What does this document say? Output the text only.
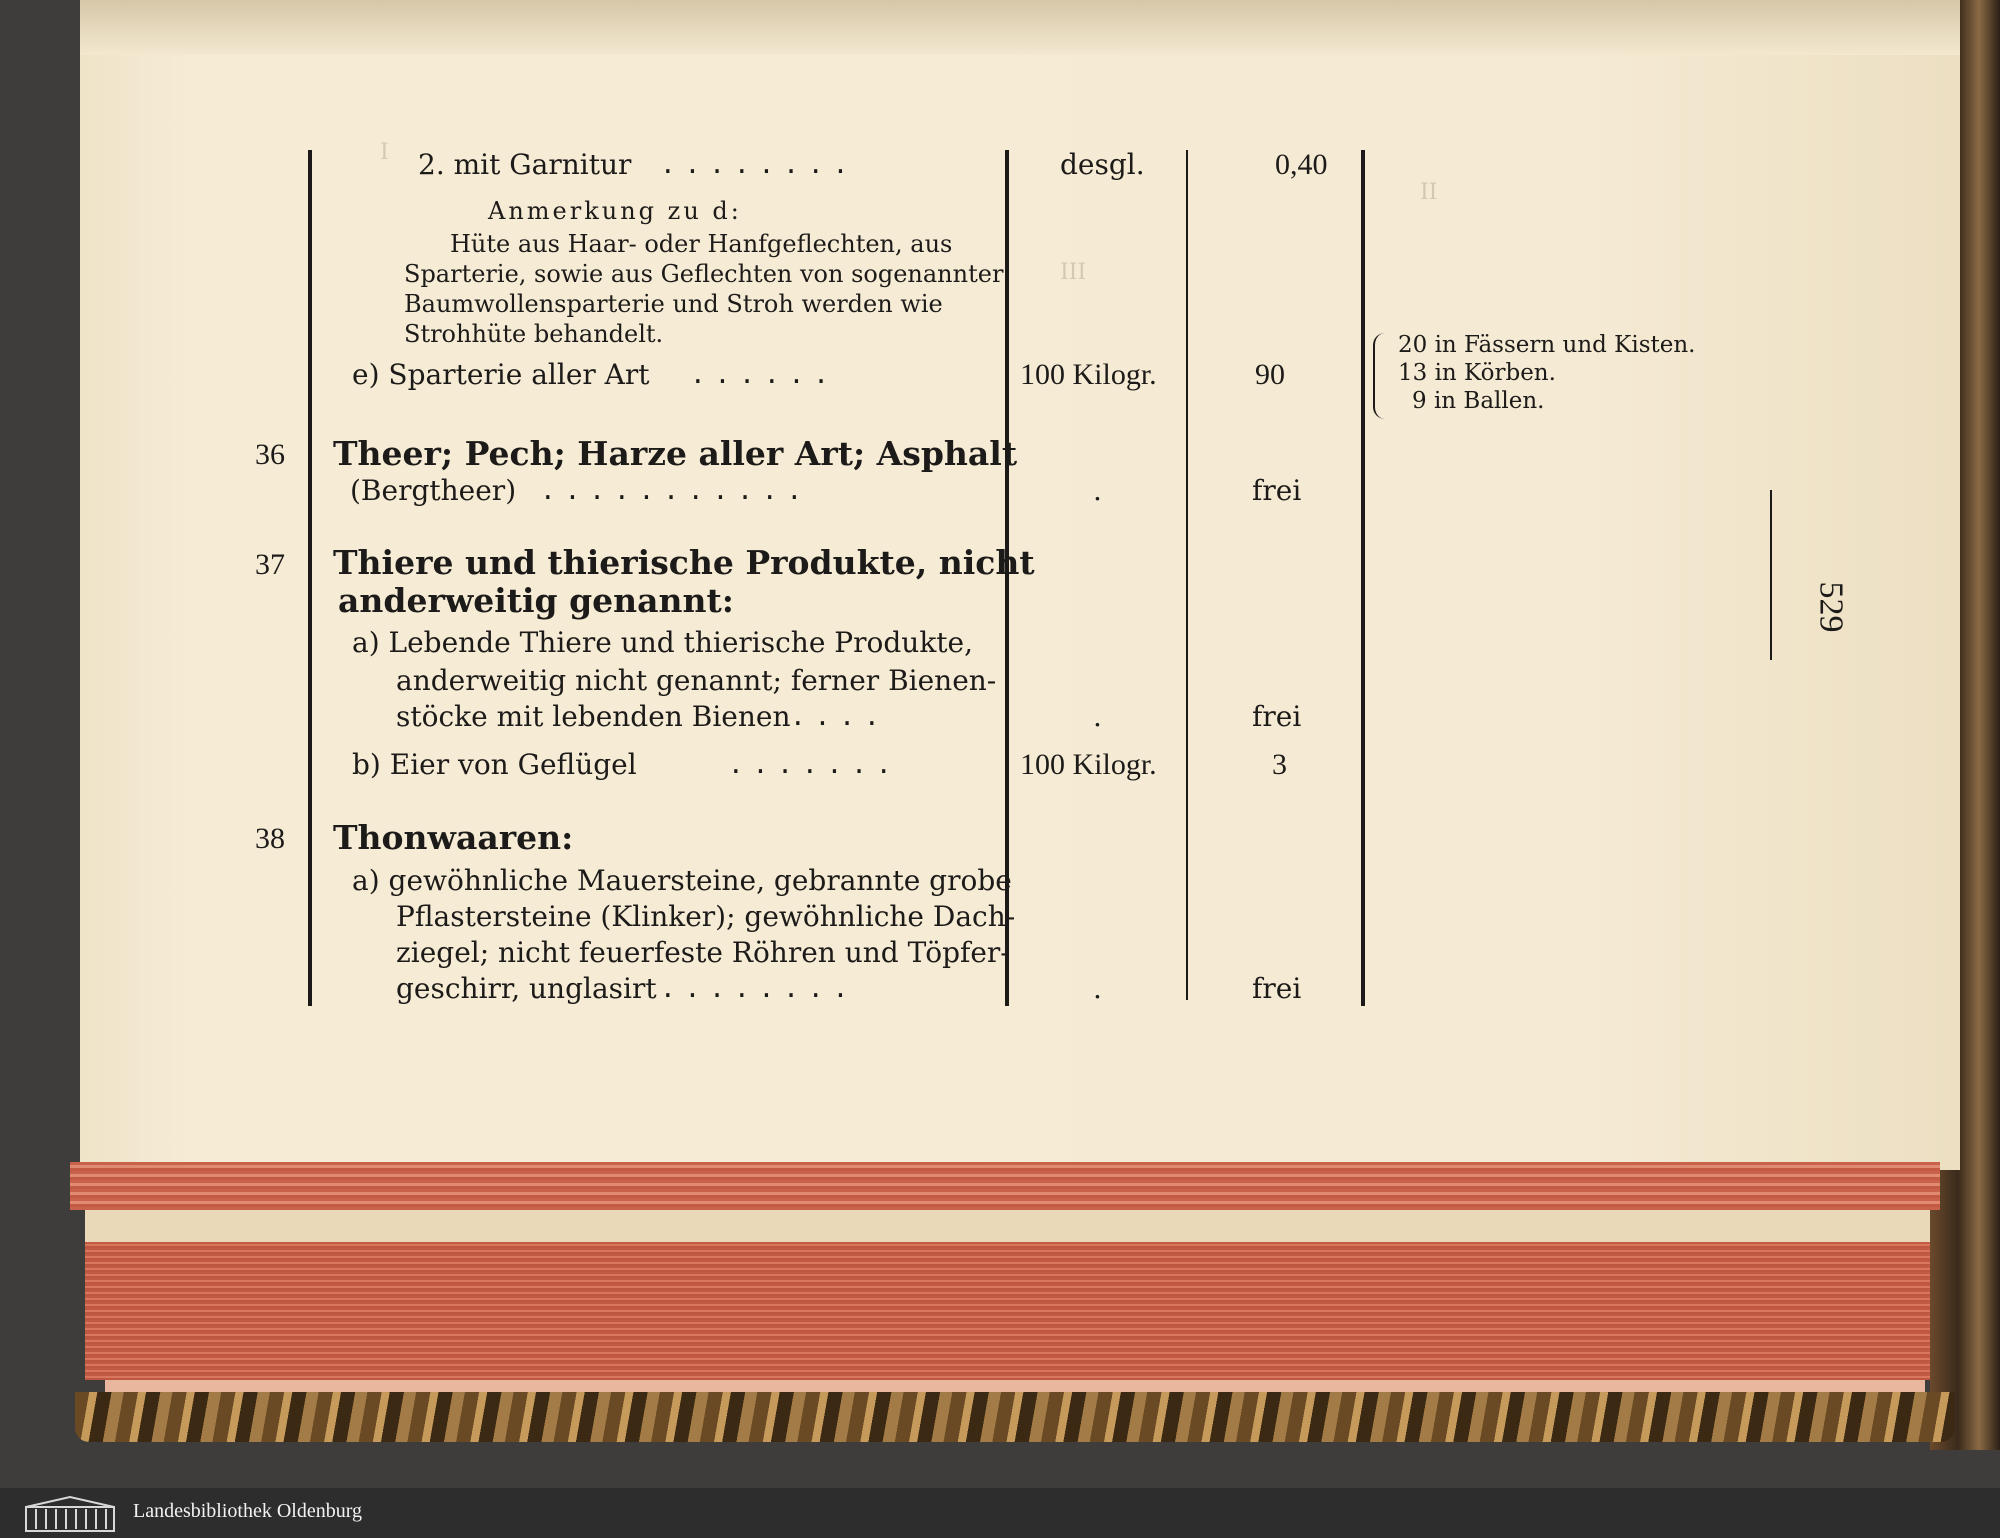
I
II
III
2. mit Garnitur ........	desgl.	0,40
Anmerkung zu d:
Hüte aus Haar- oder Hanfgeflechten, aus
Sparterie, sowie aus Geflechten von sogenannter
Baumwollensparterie und Stroh werden wie
Strohhüte behandelt.
e) Sparterie aller Art ......	100 Kilogr.	90
20 in Fässern und Kisten.
13 in Körben.
9 in Ballen.
36 Theer; Pech; Harze aller Art; Asphalt
(Bergtheer) ...........	.	frei
37 Thiere und thierische Produkte, nicht
anderweitig genannt:
a) Lebende Thiere und thierische Produkte,
anderweitig nicht genannt; ferner Bienen-
stöcke mit lebenden Bienen ....	.	frei
b) Eier von Geflügel	.......	100 Kilogr.	3
38 Thonwaaren:
a) gewöhnliche Mauersteine, gebrannte grobe
Pflastersteine (Klinker); gewöhnliche Dach-
ziegel; nicht feuerfeste Röhren und Töpfer-
geschirr, unglasirt ........	.	frei
529
Landesbibliothek Oldenburg
